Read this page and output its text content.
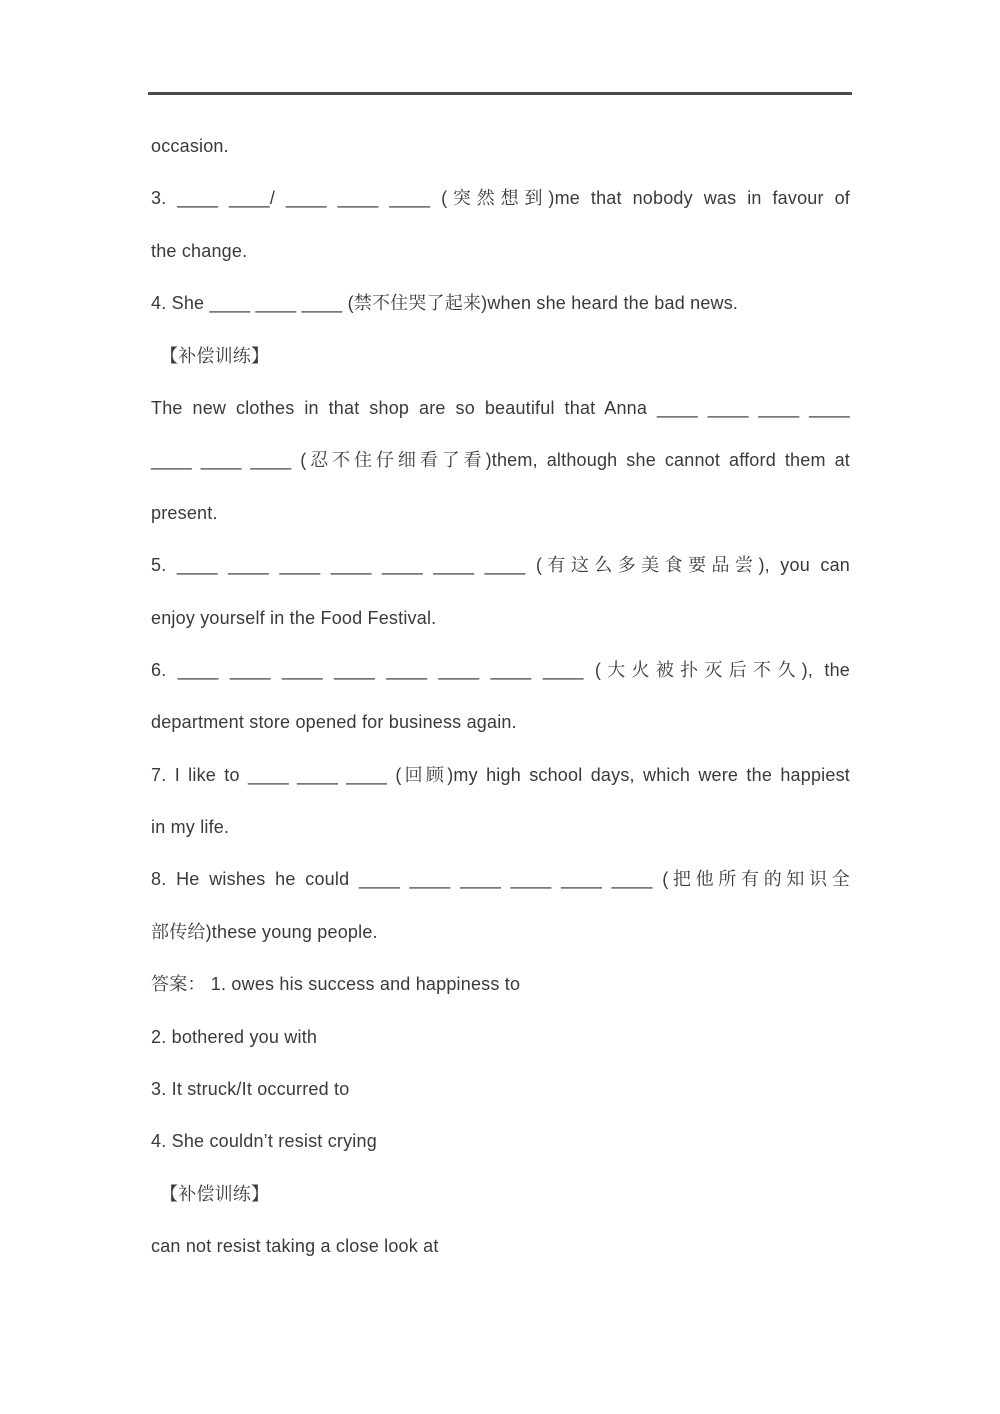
occasion.
3. ____ ____/ ____ ____ ____ (突然想到)me that nobody was in favour of
the change.
4. She ____ ____ ____ (禁不住哭了起来)when she heard the bad news.
【补偿训练】
The new clothes in that shop are so beautiful that Anna ____ ____ ____ ____
____ ____ ____ (忍不住仔细看了看)them, although she cannot afford them at
present.
5. ____ ____ ____ ____ ____ ____ ____ (有这么多美食要品尝), you can
enjoy yourself in the Food Festival.
6. ____ ____ ____ ____ ____ ____ ____ ____ (大火被扑灭后不久), the
department store opened for business again.
7. I like to ____ ____ ____ (回顾)my high school days, which were the happiest
in my life.
8. He wishes he could ____ ____ ____ ____ ____ ____ (把他所有的知识全
部传给)these young people.
答案： 1. owes his success and happiness to
2. bothered you with
3. It struck/It occurred to
4. She couldn’t resist crying
【补偿训练】
can not resist taking a close look at
